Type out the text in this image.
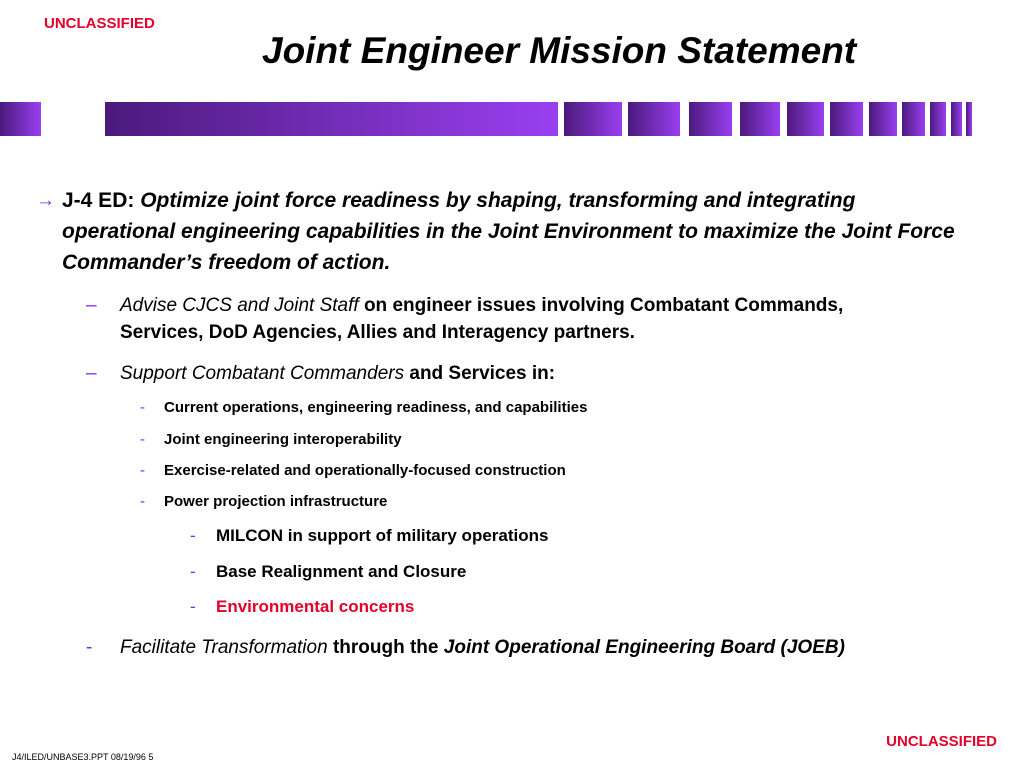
UNCLASSIFIED
Joint Engineer Mission Statement

→ J-4 ED: Optimize joint force readiness by shaping, transforming and integrating operational engineering capabilities in the Joint Environment to maximize the Joint Force Commander’s freedom of action.

– Advise CJCS and Joint Staff on engineer issues involving Combatant Commands, Services, DoD Agencies, Allies and Interagency partners.

– Support Combatant Commanders and Services in:

- Current operations, engineering readiness, and capabilities

- Joint engineering interoperability

- Exercise-related and operationally-focused construction

- Power projection infrastructure

- MILCON in support of military operations

- Base Realignment and Closure

- Environmental concerns

- Facilitate Transformation through the Joint Operational Engineering Board (JOEB)

J4/ILED/UNBASE3.PPT 08/19/96 5
UNCLASSIFIED
